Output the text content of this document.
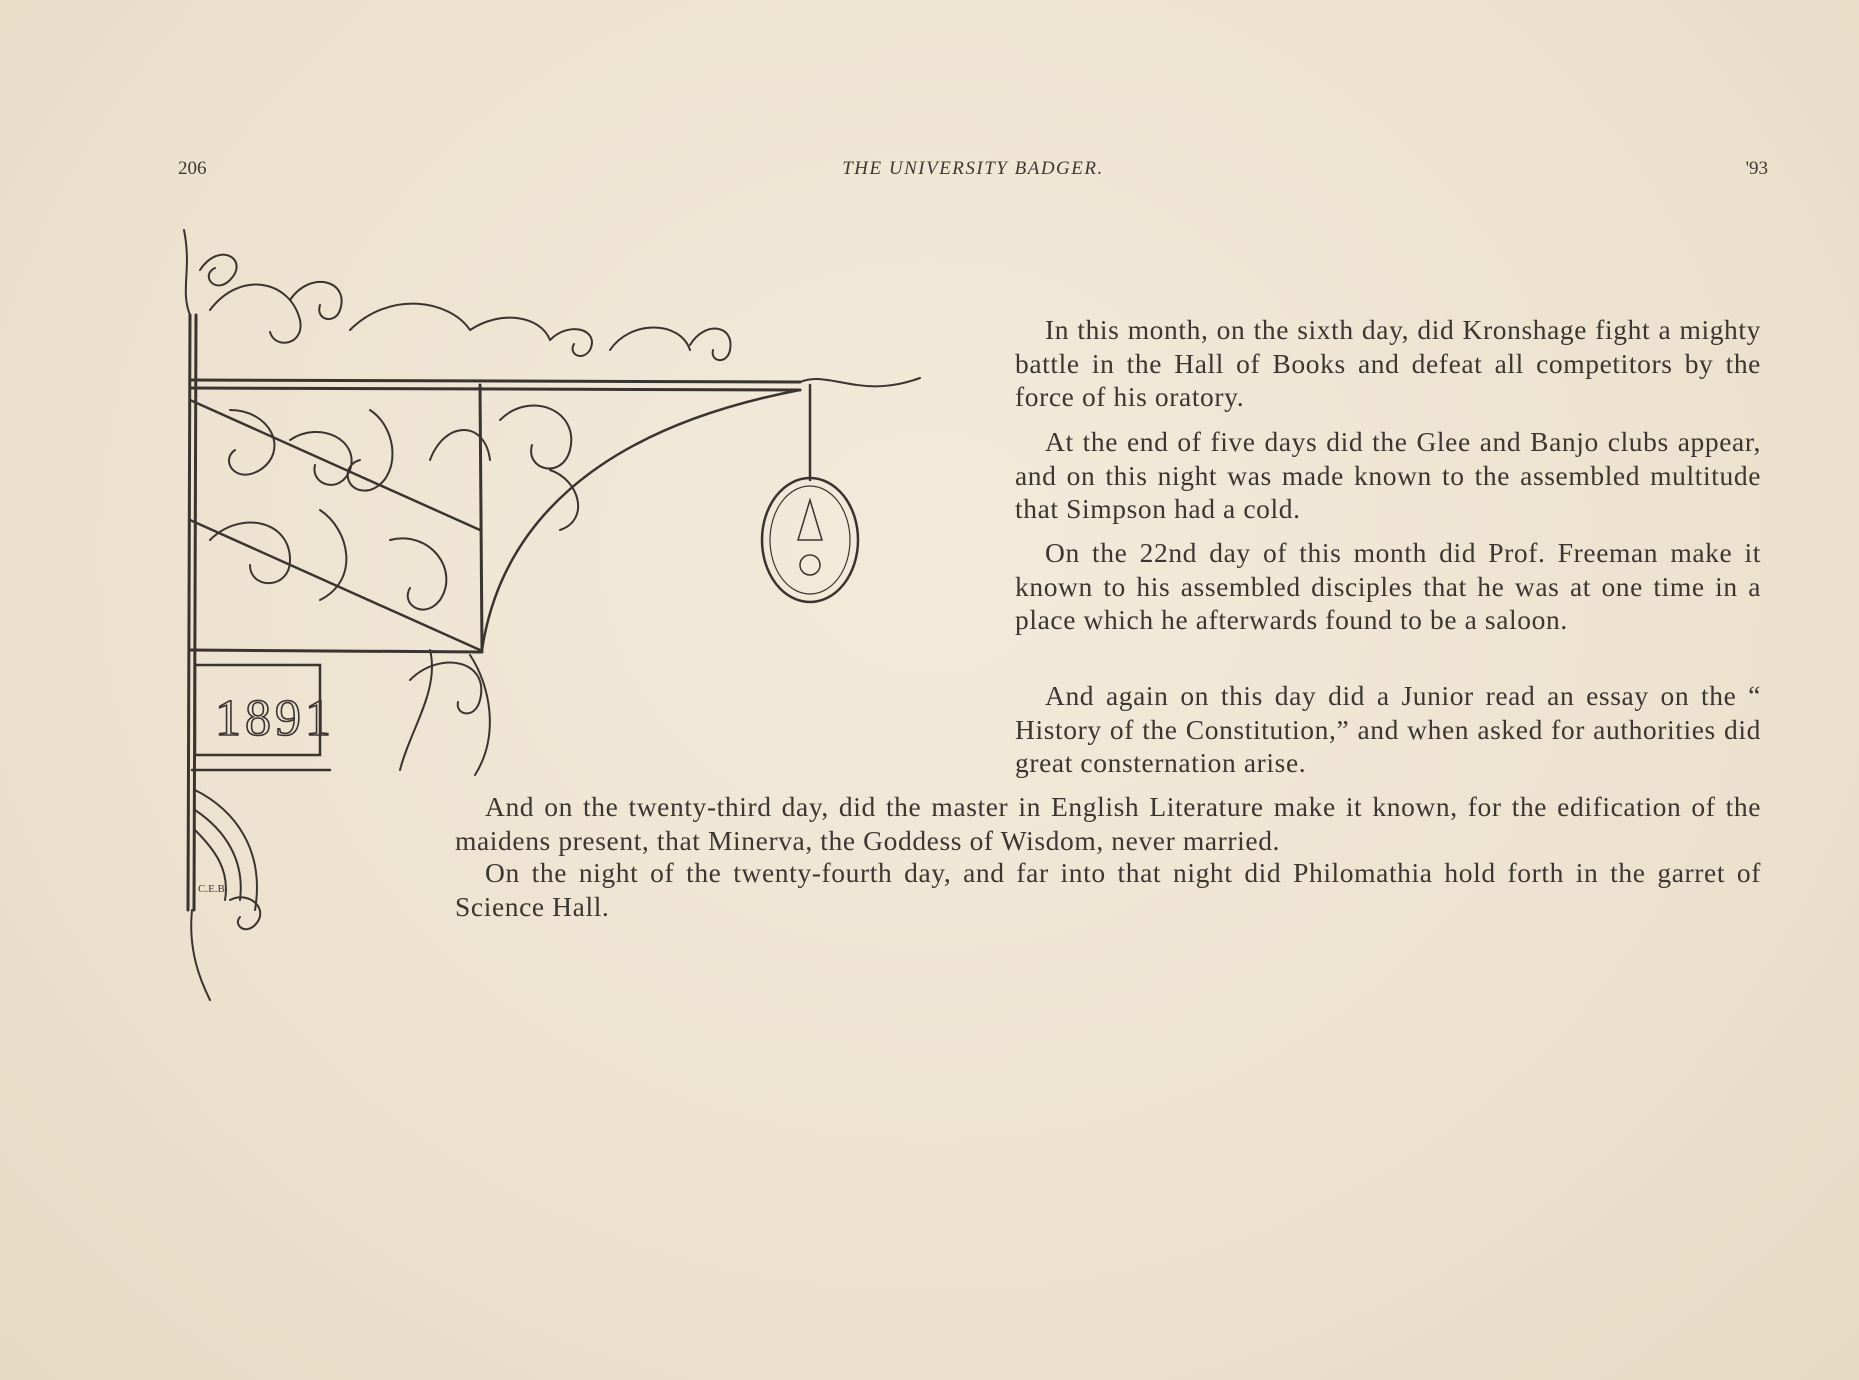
206	THE UNIVERSITY BADGER.	'93
1891
C.E.B.

In this month, on the sixth day, did Kronshage fight a mighty battle in the Hall of Books and defeat all competitors by the force of his oratory.

At the end of five days did the Glee and Banjo clubs appear, and on this night was made known to the assembled multitude that Simpson had a cold.

On the 22nd day of this month did Prof. Freeman make it known to his assembled disciples that he was at one time in a place which he afterwards found to be a saloon.

And again on this day did a Junior read an essay on the “ History of the Constitution,” and when asked for authorities did great consternation arise.

And on the twenty-third day, did the master in English Literature make it known, for the edification of the maidens present, that Minerva, the Goddess of Wisdom, never married.

On the night of the twenty-fourth day, and far into that night did Philomathia hold forth in the garret of Science Hall.
